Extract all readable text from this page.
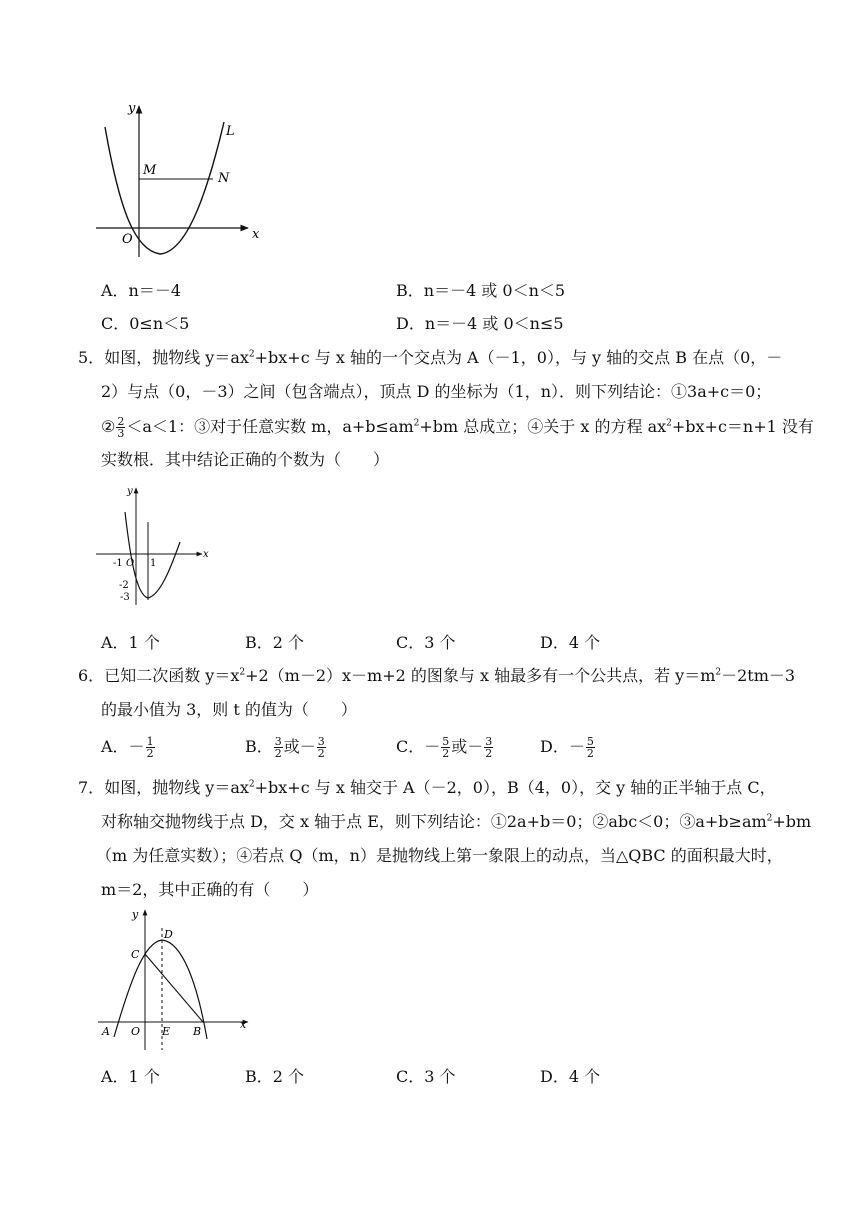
y
x
O
M
N
L
A．n＝－4	B．n＝－4 或 0＜n＜5
C．0≤n＜5	D．n＝－4 或 0＜n≤5
5．如图，抛物线 $y=ax^2+bx+c$ 与 x 轴的一个交点为 A（－1，0），与 y 轴的交点 B 在点（0，－
2）与点（0，－3）之间（包含端点），顶点 D 的坐标为（1，n）．则下列结论：①3a+c＝0；
② $\frac{2}{3} <a<1$：③对于任意实数 m，$a+b\le am^2+bm$ 总成立；④关于 x 的方程 $ax^2+bx+c=n+1$ 没有
实数根．其中结论正确的个数为（　　）
y
x
-1 O 1
-2
-3
A．1 个	B．2 个	C．3 个	D．4 个
6．已知二次函数 $y=x^2+2(m-2)x-m+2$ 的图象与 x 轴最多有一个公共点，若 $y=m^2-2tm-3$
的最小值为 3，则 t 的值为（　　）
A．－ $\frac{1}{2}$	B． $\frac{3}{2}$ 或－ $\frac{3}{2}$	C．－ $\frac{5}{2}$ 或－ $\frac{3}{2}$	D．－ $\frac{5}{2}$
7．如图，抛物线 $y=ax^2+bx+c$ 与 x 轴交于 A（－2，0），B（4，0），交 y 轴的正半轴于点 C，
对称轴交抛物线于点 D，交 x 轴于点 E，则下列结论：①2a+b＝0；②abc＜0；$③a+b\ge am^2+bm$
（m 为任意实数）；④若点 Q（m，n）是抛物线上第一象限上的动点，当△QBC 的面积最大时，
m＝2，其中正确的有（　　）
y
x
A O E B
C
D
A．1 个	B．2 个	C．3 个	D．4 个
